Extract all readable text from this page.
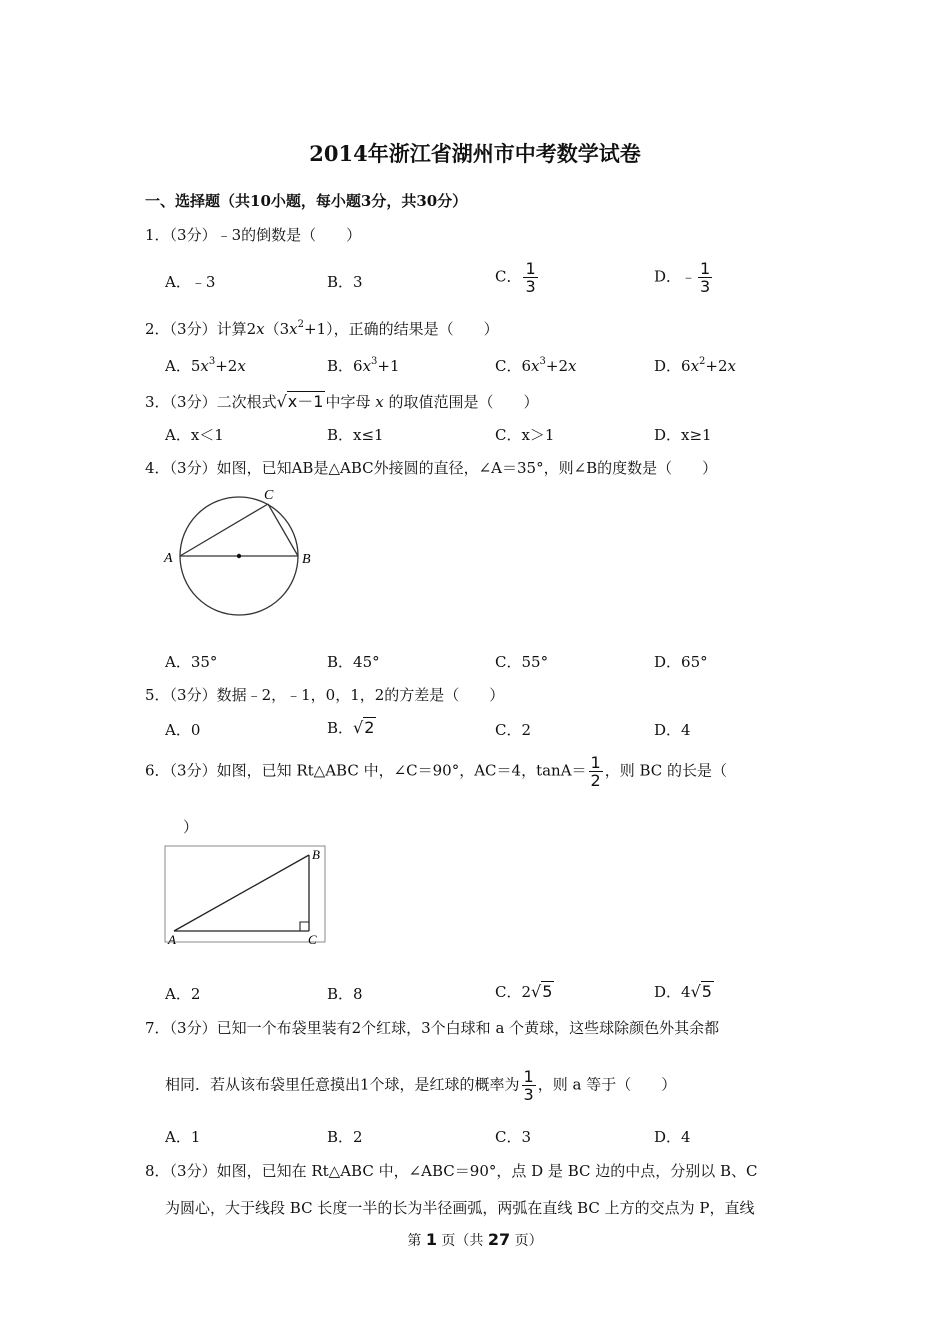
2014年浙江省湖州市中考数学试卷
一、选择题（共10小题，每小题3分，共30分）
1．（3分）﹣3的倒数是（　　）
A．﹣3	B．3	C． $\frac{1}{3}$	D．﹣ $\frac{1}{3}$
2．（3分）计算$2x(3x^2+1)$，正确的结果是（　　）
A．$5x^3+2x$	B．$6x^3+1$	C．$6x^3+2x$	D．$6x^2+2x$
3．（3分）二次根式√x－1 中字母 x 的取值范围是（　　）
A．x＜1	B．x≤1	C．x＞1	D．x≥1
4．（3分）如图，已知AB是△ABC外接圆的直径，∠A＝35°，则∠B的度数是（　　）
A	B
C
A．35°	B．45°	C．55°	D．65°
5．（3分）数据﹣2，﹣1，0，1，2的方差是（　　）
A．0	B．√2	C．2	D．4
6．（3分）如图，已知 Rt△ABC 中，∠C＝90°，AC＝4，$\tan A= \frac{1}{2}$ ，则 BC 的长是（
）
A
B
C
A．2	B．8	C．2√5	D．4√5
7．（3分）已知一个布袋里装有2个红球，3个白球和 a 个黄球，这些球除颜色外其余都
相同．若从该布袋里任意摸出1个球，是红球的概率为 $\frac{1}{3}$ ，则 a 等于（　　）
A．1	B．2	C．3	D．4
8．（3分）如图，已知在 Rt△ABC 中，∠ABC＝90°，点 D 是 BC 边的中点，分别以 B、C
为圆心，大于线段 BC 长度一半的长为半径画弧，两弧在直线 BC 上方的交点为 P，直线
第 1 页（共 27 页）
